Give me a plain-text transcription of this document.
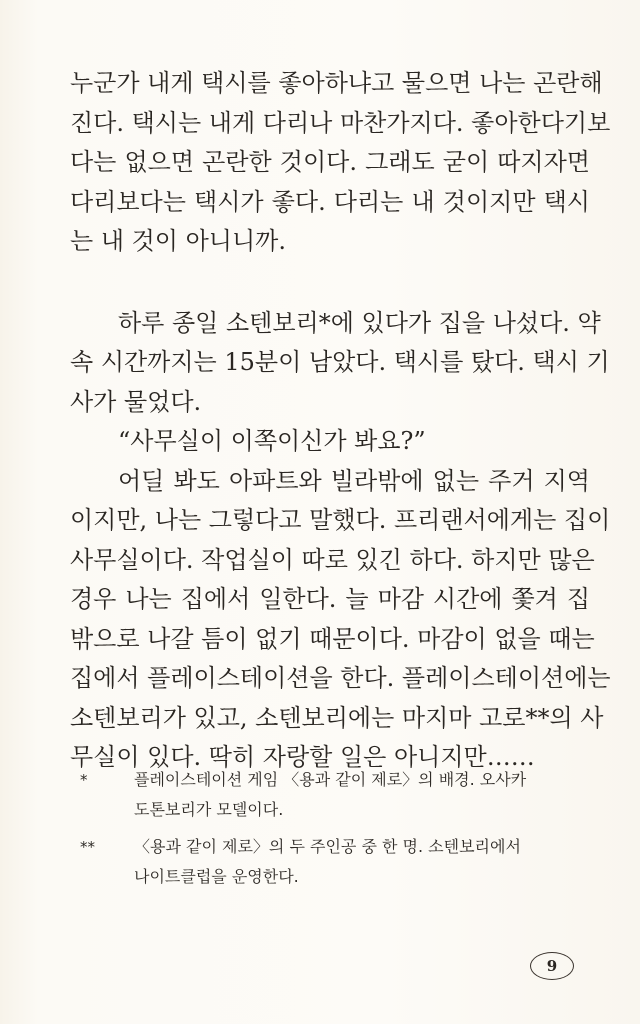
누군가 내게 택시를 좋아하냐고 물으면 나는 곤란해
진다. 택시는 내게 다리나 마찬가지다. 좋아한다기보
다는 없으면 곤란한 것이다. 그래도 굳이 따지자면
다리보다는 택시가 좋다. 다리는 내 것이지만 택시
는 내 것이 아니니까.
하루 종일 소텐보리*에 있다가 집을 나섰다. 약
속 시간까지는 15분이 남았다. 택시를 탔다. 택시 기
사가 물었다.
“사무실이 이쪽이신가 봐요?”
어딜 봐도 아파트와 빌라밖에 없는 주거 지역
이지만, 나는 그렇다고 말했다. 프리랜서에게는 집이
사무실이다. 작업실이 따로 있긴 하다. 하지만 많은
경우 나는 집에서 일한다. 늘 마감 시간에 쫓겨 집
밖으로 나갈 틈이 없기 때문이다. 마감이 없을 때는
집에서 플레이스테이션을 한다. 플레이스테이션에는
소텐보리가 있고, 소텐보리에는 마지마 고로**의 사
무실이 있다. 딱히 자랑할 일은 아니지만……
*	플레이스테이션 게임 〈용과 같이 제로〉의 배경. 오사카
도톤보리가 모델이다.
** 〈용과 같이 제로〉의 두 주인공 중 한 명. 소텐보리에서
나이트클럽을 운영한다.
9
